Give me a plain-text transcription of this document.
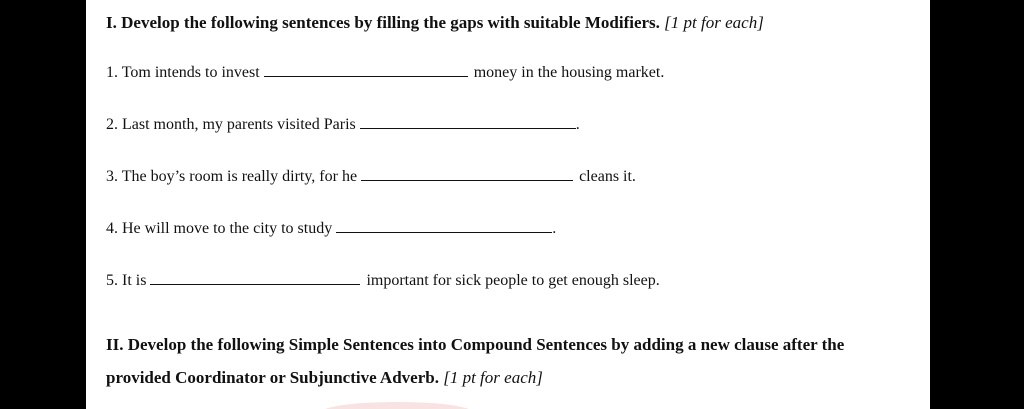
I. Develop the following sentences by filling the gaps with suitable Modifiers. [1 pt for each]
1. Tom intends to invest	money in the housing market.
2. Last month, my parents visited Paris	.
3. The boy’s room is really dirty, for he	cleans it.
4. He will move to the city to study	.
5. It is	important for sick people to get enough sleep.
II. Develop the following Simple Sentences into Compound Sentences by adding a new clause after the provided Coordinator or Subjunctive Adverb. [1 pt for each]
